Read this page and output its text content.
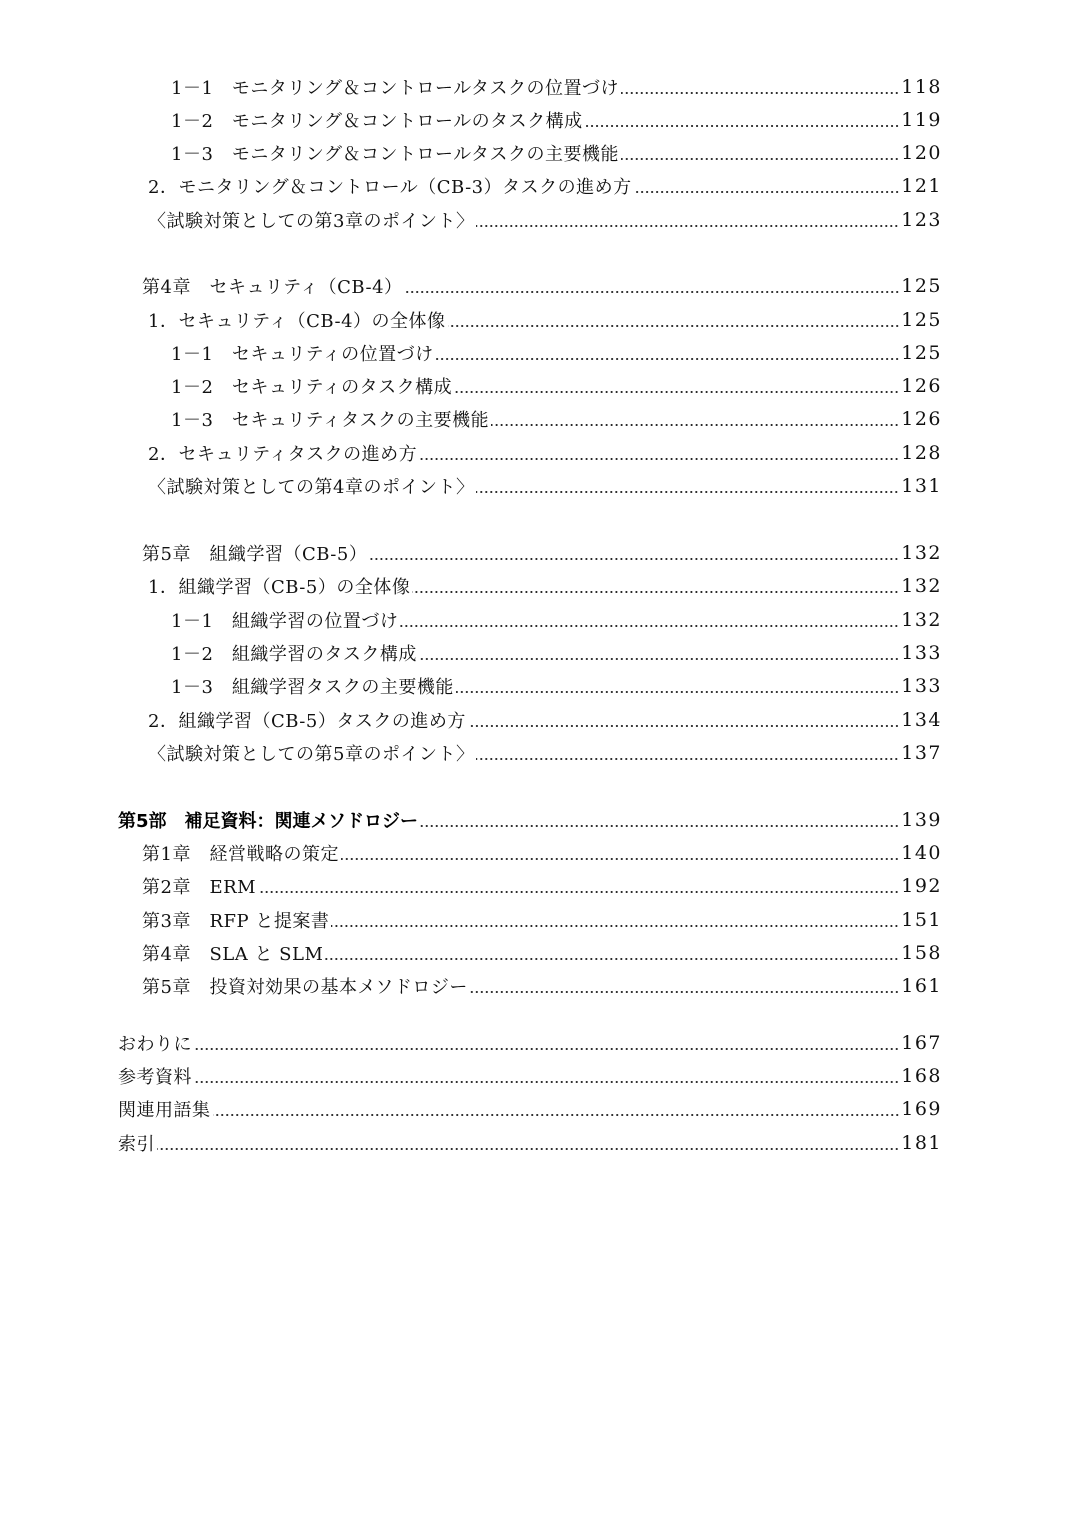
1－1　モニタリング＆コントロールタスクの位置づけ	118
1－2　モニタリング＆コントロールのタスク構成	119
1－3　モニタリング＆コントロールタスクの主要機能	120
2．モニタリング＆コントロール（CB-3）タスクの進め方	121
〈試験対策としての第3章のポイント〉	123
第4章　セキュリティ（CB-4）	125
1．セキュリティ（CB-4）の全体像	125
1－1　セキュリティの位置づけ	125
1－2　セキュリティのタスク構成	126
1－3　セキュリティタスクの主要機能	126
2．セキュリティタスクの進め方	128
〈試験対策としての第4章のポイント〉	131
第5章　組織学習（CB-5）	132
1．組織学習（CB-5）の全体像	132
1－1　組織学習の位置づけ	132
1－2　組織学習のタスク構成	133
1－3　組織学習タスクの主要機能	133
2．組織学習（CB-5）タスクの進め方	134
〈試験対策としての第5章のポイント〉	137
第5部　補足資料：関連メソドロジー	139
第1章　経営戦略の策定	140
第2章　ERM	192
第3章　RFP と提案書	151
第4章　SLA と SLM	158
第5章　投資対効果の基本メソドロジー	161
おわりに	167
参考資料	168
関連用語集	169
索引	181
